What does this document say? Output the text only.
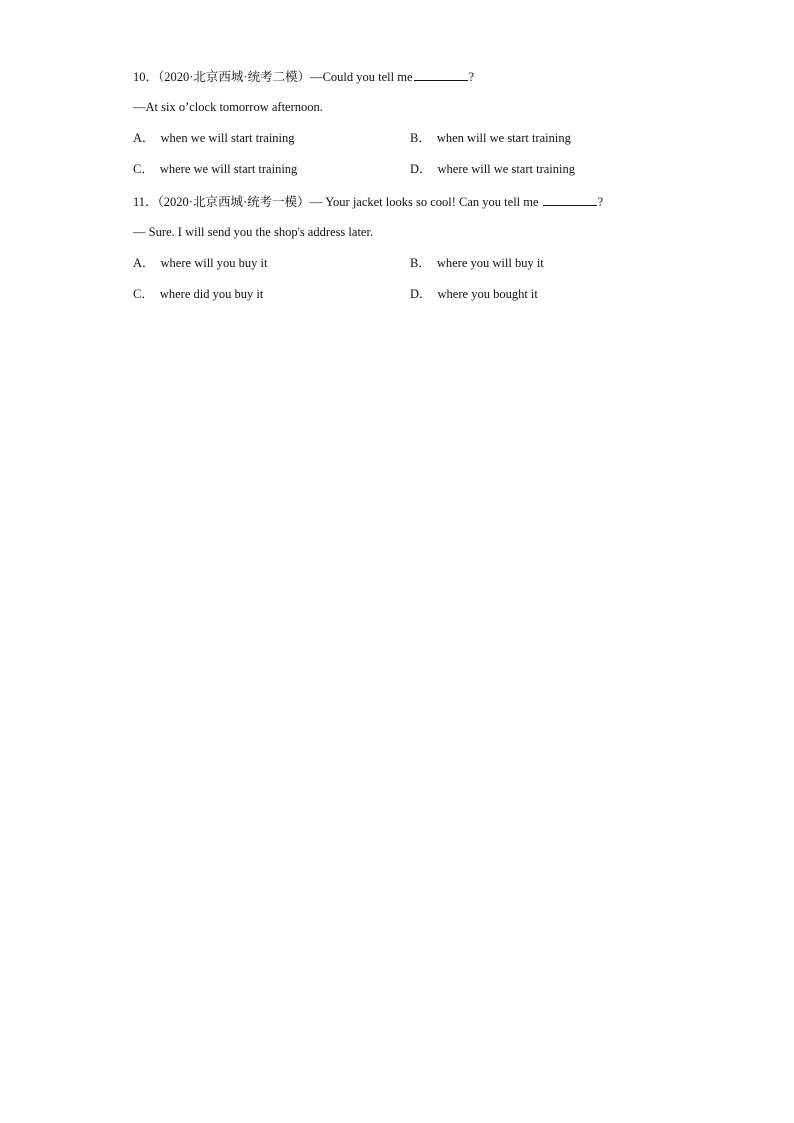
10．（2020·北京西城·统考二模）—Could you tell me	?
—At six o’clock tomorrow afternoon.
A． when we will start training	B． when will we start training
C． where we will start training	D． where will we start training
11．（2020·北京西城·统考一模）— Your jacket looks so cool! Can you tell me	?
— Sure. I will send you the shop's address later.
A． where will you buy it	B． where you will buy it
C． where did you buy it	D． where you bought it
